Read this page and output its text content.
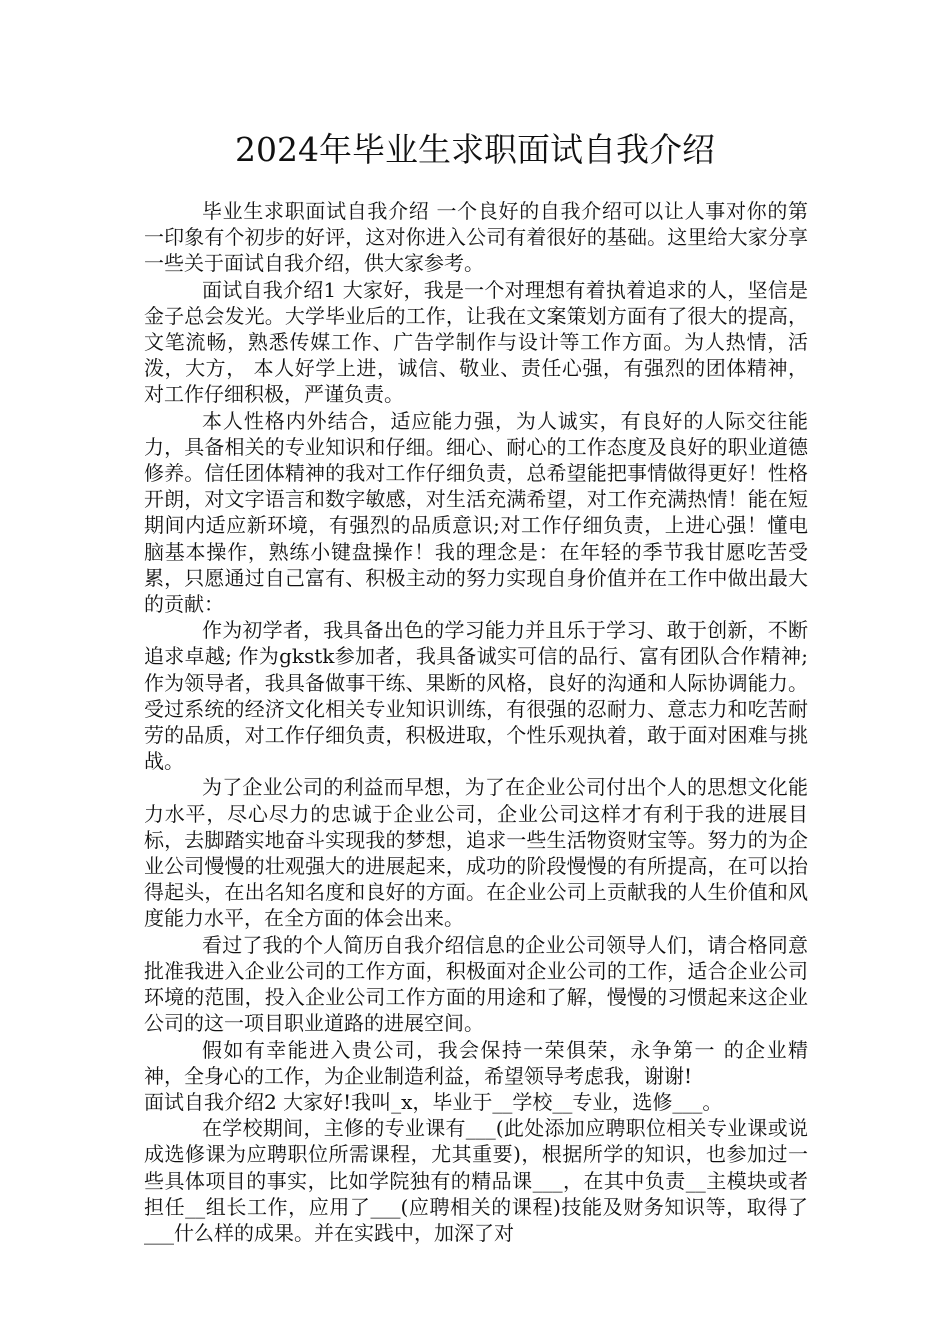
2024年毕业生求职面试自我介绍

毕业生求职面试自我介绍 一个良好的自我介绍可以让人事对你的第一印象有个初步的好评，这对你进入公司有着很好的基础。这里给大家分享一些关于面试自我介绍，供大家参考。

面试自我介绍1 大家好，我是一个对理想有着执着追求的人，坚信是金子总会发光。大学毕业后的工作，让我在文案策划方面有了很大的提高，文笔流畅，熟悉传媒工作、广告学制作与设计等工作方面。为人热情，活泼，大方， 本人好学上进，诚信、敬业、责任心强，有强烈的团体精神，对工作仔细积极，严谨负责。

本人性格内外结合，适应能力强，为人诚实，有良好的人际交往能力，具备相关的专业知识和仔细。细心、耐心的工作态度及良好的职业道德修养。信任团体精神的我对工作仔细负责，总希望能把事情做得更好！性格开朗，对文字语言和数字敏感，对生活充满希望，对工作充满热情！能在短期间内适应新环境，有强烈的品质意识;对工作仔细负责，上进心强！懂电脑基本操作，熟练小键盘操作！我的理念是：在年轻的季节我甘愿吃苦受累，只愿通过自己富有、积极主动的努力实现自身价值并在工作中做出最大的贡献：

作为初学者，我具备出色的学习能力并且乐于学习、敢于创新，不断追求卓越; 作为gkstk参加者，我具备诚实可信的品行、富有团队合作精神;作为领导者，我具备做事干练、果断的风格，良好的沟通和人际协调能力。受过系统的经济文化相关专业知识训练，有很强的忍耐力、意志力和吃苦耐劳的品质，对工作仔细负责，积极进取，个性乐观执着，敢于面对困难与挑战。

为了企业公司的利益而早想，为了在企业公司付出个人的思想文化能力水平，尽心尽力的忠诚于企业公司，企业公司这样才有利于我的进展目标，去脚踏实地奋斗实现我的梦想，追求一些生活物资财宝等。努力的为企业公司慢慢的壮观强大的进展起来，成功的阶段慢慢的有所提高，在可以抬得起头，在出名知名度和良好的方面。在企业公司上贡献我的人生价值和风度能力水平，在全方面的体会出来。

看过了我的个人简历自我介绍信息的企业公司领导人们，请合格同意批准我进入企业公司的工作方面，积极面对企业公司的工作，适合企业公司环境的范围，投入企业公司工作方面的用途和了解，慢慢的习惯起来这企业公司的这一项目职业道路的进展空间。

假如有幸能进入贵公司，我会保持一荣俱荣，永争第一 的企业精神，全身心的工作，为企业制造利益，希望领导考虑我，谢谢!

面试自我介绍2 大家好!我叫_x，毕业于__学校__专业，选修___。

在学校期间，主修的专业课有___(此处添加应聘职位相关专业课或说成选修课为应聘职位所需课程，尤其重要)，根据所学的知识，也参加过一些具体项目的事实，比如学院独有的精品课___，在其中负责__主模块或者担任__组长工作，应用了___(应聘相关的课程)技能及财务知识等，取得了___什么样的成果。并在实践中，加深了对
